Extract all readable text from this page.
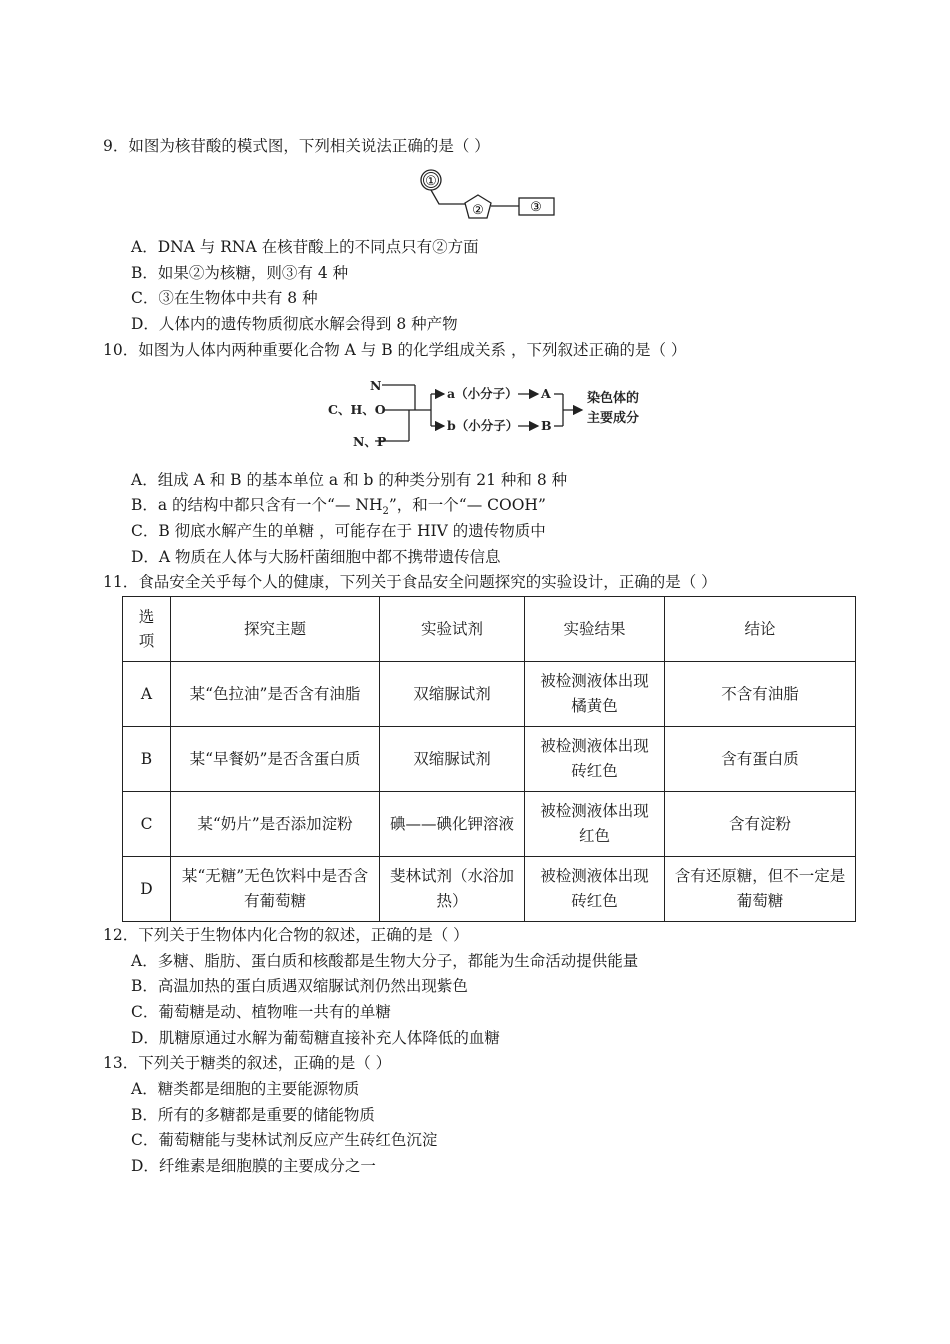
9．如图为核苷酸的模式图，下列相关说法正确的是（ ）
①
②	③
A．DNA 与 RNA 在核苷酸上的不同点只有②方面
B．如果②为核糖，则③有 4 种
C．③在生物体中共有 8 种
D．人体内的遗传物质彻底水解会得到 8 种产物
10．如图为人体内两种重要化合物 A 与 B 的化学组成关系 ，下列叙述正确的是（ ）
N
C、H、O
N、P
a（小分子）
b（小分子）
A
B
染色体的
主要成分
A．组成 A 和 B 的基本单位 a 和 b 的种类分别有 21 种和 8 种
B．a 的结构中都只含有一个“— $NH_2$”，和一个“— COOH”
C．B 彻底水解产生的单糖 ，可能存在于 HIV 的遗传物质中
D．A 物质在人体与大肠杆菌细胞中都不携带遗传信息
11．食品安全关乎每个人的健康，下列关于食品安全问题探究的实验设计，正确的是（ ）
选项	探究主题	实验试剂	实验结果	结论
A	某“色拉油”是否含有油脂	双缩脲试剂	被检测液体出现橘黄色	不含有油脂
B	某“早餐奶”是否含蛋白质	双缩脲试剂	被检测液体出现砖红色	含有蛋白质
C	某“奶片”是否添加淀粉	碘——碘化钾溶液	被检测液体出现红色	含有淀粉
D	某“无糖”无色饮料中是否含有葡萄糖	斐林试剂（水浴加热）	被检测液体出现砖红色	含有还原糖，但不一定是葡萄糖
12．下列关于生物体内化合物的叙述，正确的是（ ）
A．多糖、脂肪、蛋白质和核酸都是生物大分子，都能为生命活动提供能量
B．高温加热的蛋白质遇双缩脲试剂仍然出现紫色
C．葡萄糖是动、植物唯一共有的单糖
D．肌糖原通过水解为葡萄糖直接补充人体降低的血糖
13．下列关于糖类的叙述，正确的是（ ）
A．糖类都是细胞的主要能源物质
B．所有的多糖都是重要的储能物质
C．葡萄糖能与斐林试剂反应产生砖红色沉淀
D．纤维素是细胞膜的主要成分之一
